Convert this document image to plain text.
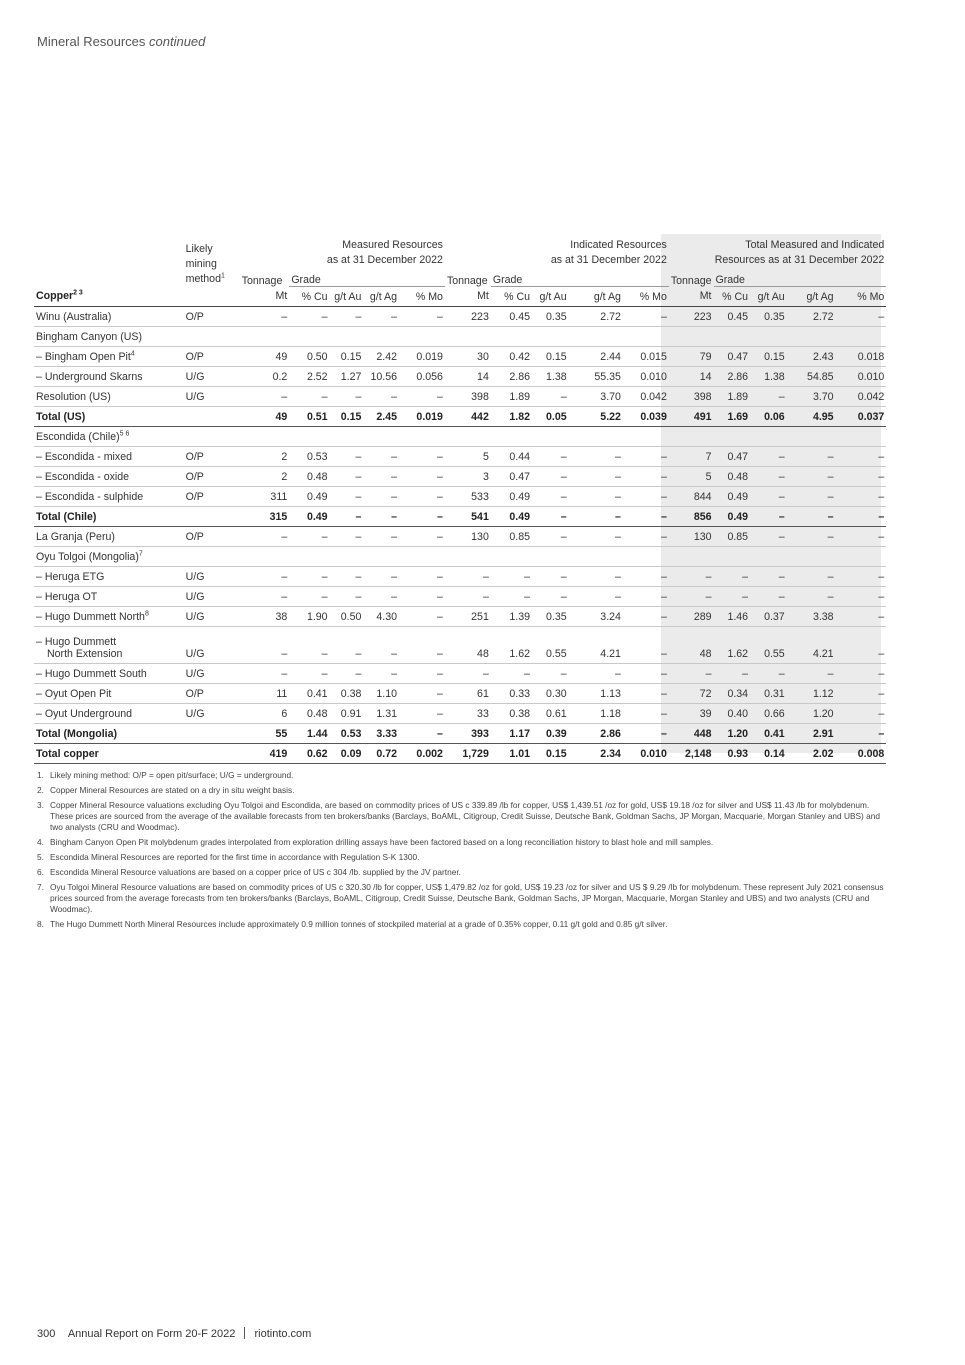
Mineral Resources continued
	Likely
mining
method$^1$	Measured Resources
as at 31 December 2022					Indicated Resources
as at 31 December 2022					Total Measured and Indicated
Resources as at 31 December 2022					
		Tonnage	Grade				Tonnage	Grade				Tonnage	Grade				
Copper$^{2 3}$		Mt	% Cu	g/t Au	g/t Ag	% Mo	Mt	% Cu	g/t Au	g/t Ag	% Mo	Mt	% Cu	g/t Au	g/t Ag	% Mo	
Winu (Australia)	O/P	–	–	–	–	–	223	0.45	0.35	2.72	–	223	0.45	0.35	2.72	–	
Bingham Canyon (US)																	
– Bingham Open Pit$^4$	O/P	49	0.50	0.15	2.42	0.019	30	0.42	0.15	2.44	0.015	79	0.47	0.15	2.43	0.018	
– Underground Skarns	U/G	0.2	2.52	1.27	10.56	0.056	14	2.86	1.38	55.35	0.010	14	2.86	1.38	54.85	0.010	
Resolution (US)	U/G	–	–	–	–	–	398	1.89	–	3.70	0.042	398	1.89	–	3.70	0.042	
Total (US)		49	0.51	0.15	2.45	0.019	442	1.82	0.05	5.22	0.039	491	1.69	0.06	4.95	0.037	
Escondida (Chile)$^{5 6}$																	
– Escondida - mixed	O/P	2	0.53	–	–	–	5	0.44	–	–	–	7	0.47	–	–	–	
– Escondida - oxide	O/P	2	0.48	–	–	–	3	0.47	–	–	–	5	0.48	–	–	–	
– Escondida - sulphide	O/P	311	0.49	–	–	–	533	0.49	–	–	–	844	0.49	–	–	–	
Total (Chile)		315	0.49	–	–	–	541	0.49	–	–	–	856	0.49	–	–	–	
La Granja (Peru)	O/P	–	–	–	–	–	130	0.85	–	–	–	130	0.85	–	–	–	
Oyu Tolgoi (Mongolia)$^7$																	
– Heruga ETG	U/G	–	–	–	–	–	–	–	–	–	–	–	–	–	–	–	
– Heruga OT	U/G	–	–	–	–	–	–	–	–	–	–	–	–	–	–	–	
– Hugo Dummett North$^8$	U/G	38	1.90	0.50	4.30	–	251	1.39	0.35	3.24	–	289	1.46	0.37	3.38	–	
– Hugo Dummett
North Extension	U/G	–	–	–	–	–	48	1.62	0.55	4.21	–	48	1.62	0.55	4.21	–	
– Hugo Dummett South	U/G	–	–	–	–	–	–	–	–	–	–	–	–	–	–	–	
– Oyut Open Pit	O/P	11	0.41	0.38	1.10	–	61	0.33	0.30	1.13	–	72	0.34	0.31	1.12	–	
– Oyut Underground	U/G	6	0.48	0.91	1.31	–	33	0.38	0.61	1.18	–	39	0.40	0.66	1.20	–	
Total (Mongolia)		55	1.44	0.53	3.33	–	393	1.17	0.39	2.86	–	448	1.20	0.41	2.91	–	
Total copper		419	0.62	0.09	0.72	0.002	1,729	1.01	0.15	2.34	0.010	2,148	0.93	0.14	2.02	0.008	
1. Likely mining method: O/P = open pit/surface; U/G = underground.
2. Copper Mineral Resources are stated on a dry in situ weight basis.
3. Copper Mineral Resource valuations excluding Oyu Tolgoi and Escondida, are based on commodity prices of US c 339.89 /lb for copper, US$ 1,439.51 /oz for gold, US$ 19.18 /oz for silver and US$ 11.43 /lb for molybdenum. These prices are sourced from the average of the available forecasts from ten brokers/banks (Barclays, BoAML, Citigroup, Credit Suisse, Deutsche Bank, Goldman Sachs, JP Morgan, Macquarie, Morgan Stanley and UBS) and two analysts (CRU and Woodmac).
4. Bingham Canyon Open Pit molybdenum grades interpolated from exploration drilling assays have been factored based on a long reconciliation history to blast hole and mill samples.
5. Escondida Mineral Resources are reported for the first time in accordance with Regulation S-K 1300.
6. Escondida Mineral Resource valuations are based on a copper price of US c 304 /lb. supplied by the JV partner.
7. Oyu Tolgoi Mineral Resource valuations are based on commodity prices of US c 320.30 /lb for copper, US$ 1,479.82 /oz for gold, US$ 19.23 /oz for silver and US $ 9.29 /lb for molybdenum. These represent July 2021 consensus prices sourced from the average forecasts from ten brokers/banks (Barclays, BoAML, Citigroup, Credit Suisse, Deutsche Bank, Goldman Sachs, JP Morgan, Macquarie, Morgan Stanley and UBS) and two analysts (CRU and Woodmac).
8. The Hugo Dummett North Mineral Resources include approximately 0.9 million tonnes of stockpiled material at a grade of 0.35% copper, 0.11 g/t gold and 0.85 g/t silver.
300 Annual Report on Form 20-F 2022 riotinto.com
